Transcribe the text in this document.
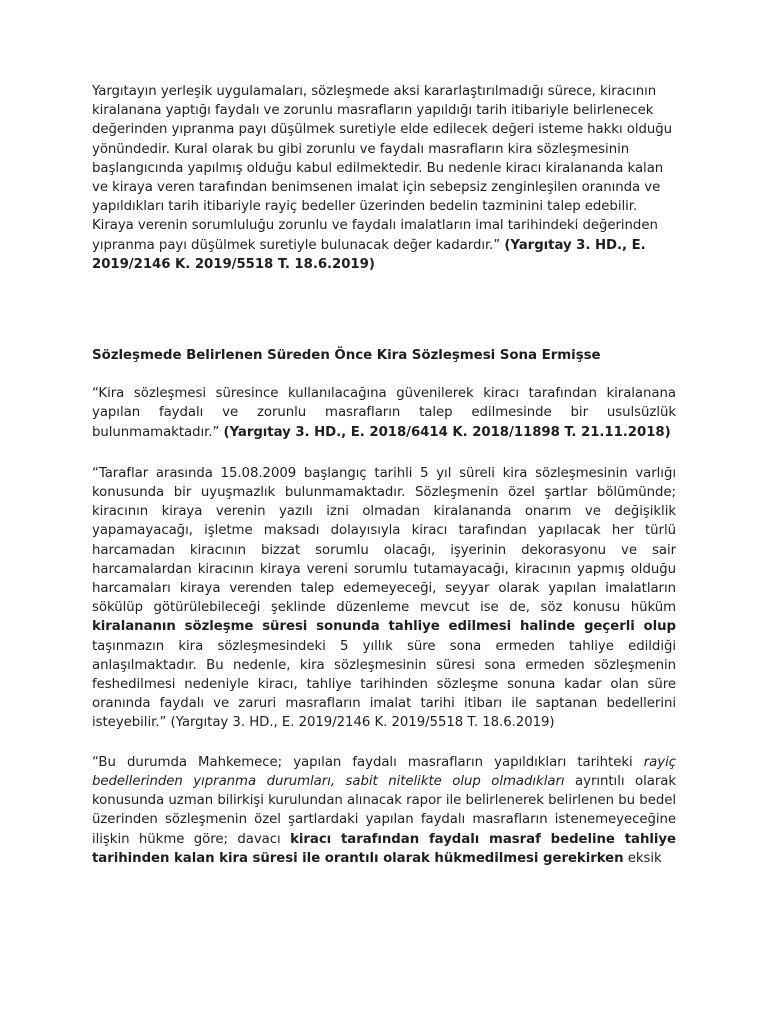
Yargıtayın yerleşik uygulamaları, sözleşmede aksi kararlaştırılmadığı sürece, kiracının kiralanana yaptığı faydalı ve zorunlu masrafların yapıldığı tarih itibariyle belirlenecek değerinden yıpranma payı düşülmek suretiyle elde edilecek değeri isteme hakkı olduğu yönündedir. Kural olarak bu gibi zorunlu ve faydalı masrafların kira sözleşmesinin başlangıcında yapılmış olduğu kabul edilmektedir. Bu nedenle kiracı kiralananda kalan ve kiraya veren tarafından benimsenen imalat için sebepsiz zenginleşilen oranında ve yapıldıkları tarih itibariyle rayiç bedeller üzerinden bedelin tazminini talep edebilir. Kiraya verenin sorumluluğu zorunlu ve faydalı imalatların imal tarihindeki değerinden yıpranma payı düşülmek suretiyle bulunacak değer kadardır.” (Yargıtay 3. HD., E. 2019/2146 K. 2019/5518 T. 18.6.2019)

Sözleşmede Belirlenen Süreden Önce Kira Sözleşmesi Sona Ermişse

“Kira sözleşmesi süresince kullanılacağına güvenilerek kiracı tarafından kiralanana yapılan faydalı ve zorunlu masrafların talep edilmesinde bir usulsüzlük bulunmamaktadır.” (Yargıtay 3. HD., E. 2018/6414 K. 2018/11898 T. 21.11.2018)

“Taraflar arasında 15.08.2009 başlangıç tarihli 5 yıl süreli kira sözleşmesinin varlığı konusunda bir uyuşmazlık bulunmamaktadır. Sözleşmenin özel şartlar bölümünde; kiracının kiraya verenin yazılı izni olmadan kiralananda onarım ve değişiklik yapamayacağı, işletme maksadı dolayısıyla kiracı tarafından yapılacak her türlü harcamadan kiracının bizzat sorumlu olacağı, işyerinin dekorasyonu ve sair harcamalardan kiracının kiraya vereni sorumlu tutamayacağı, kiracının yapmış olduğu harcamaları kiraya verenden talep edemeyeceği, seyyar olarak yapılan imalatların sökülüp götürülebileceği şeklinde düzenleme mevcut ise de, söz konusu hüküm kiralananın sözleşme süresi sonunda tahliye edilmesi halinde geçerli olup taşınmazın kira sözleşmesindeki 5 yıllık süre sona ermeden tahliye edildiği anlaşılmaktadır. Bu nedenle, kira sözleşmesinin süresi sona ermeden sözleşmenin feshedilmesi nedeniyle kiracı, tahliye tarihinden sözleşme sonuna kadar olan süre oranında faydalı ve zaruri masrafların imalat tarihi itibarı ile saptanan bedellerini isteyebilir.” (Yargıtay 3. HD., E. 2019/2146 K. 2019/5518 T. 18.6.2019)

“Bu durumda Mahkemece; yapılan faydalı masrafların yapıldıkları tarihteki rayiç bedellerinden yıpranma durumları, sabit nitelikte olup olmadıkları ayrıntılı olarak konusunda uzman bilirkişi kurulundan alınacak rapor ile belirlenerek belirlenen bu bedel üzerinden sözleşmenin özel şartlardaki yapılan faydalı masrafların istenemeyeceğine ilişkin hükme göre; davacı kiracı tarafından faydalı masraf bedeline tahliye tarihinden kalan kira süresi ile orantılı olarak hükmedilmesi gerekirken eksik
